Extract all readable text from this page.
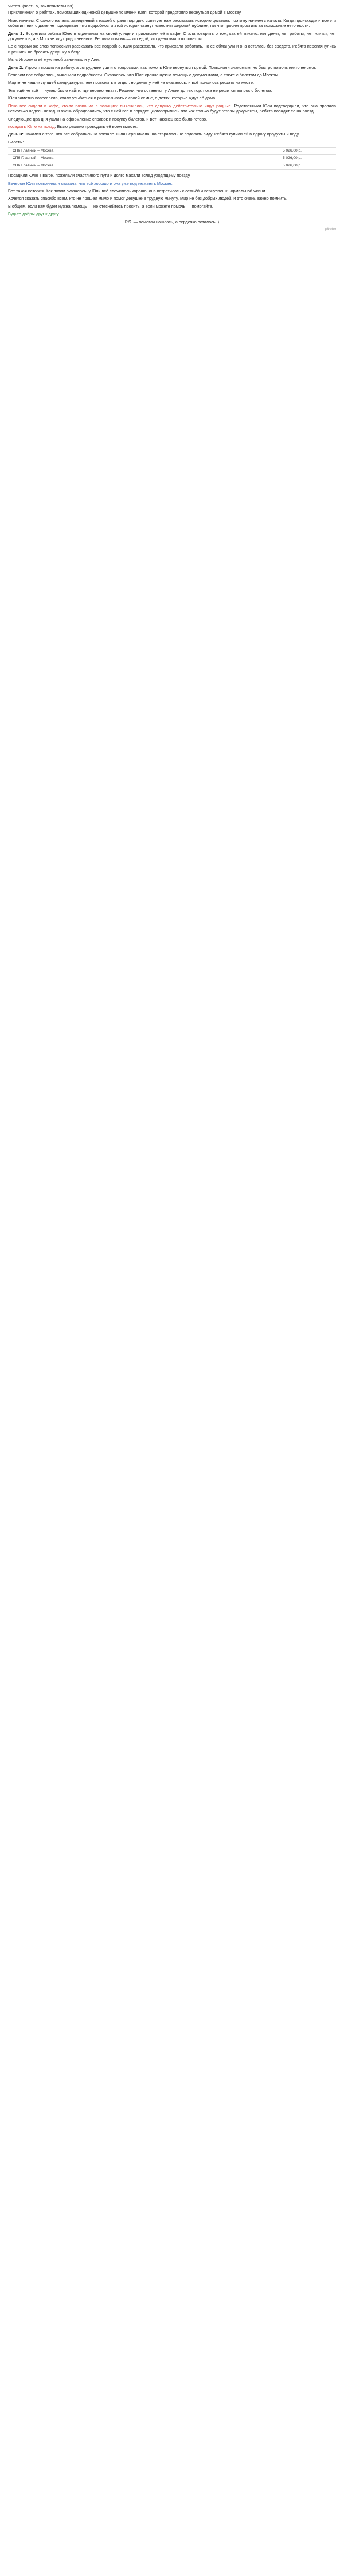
Читать (часть 5, заключительная)

Приключения о ребятах, помогавших одинокой девушке по имени Юля, которой предстояло вернуться домой в Москву.

Итак, начнем. С самого начала, заведенный в нашей стране порядок, советует нам рассказать историю целиком, поэтому начнем с начала. Когда происходили все эти события, никто даже не подозревал, что подробности этой истории станут известны широкой публике, так что просим простить за возможные неточности.

День 1: Встретили ребята Юлю в отделении на своей улице и пригласили её в кафе. Стала говорить о том, как ей тяжело: нет денег, нет работы, нет жилья, нет документов, а в Москве ждут родственники. Решили помочь — кто едой, кто деньгами, кто советом.

Её с первых же слов попросили рассказать всё подробно. Юля рассказала, что приехала работать, но её обманули и она осталась без средств. Ребята переглянулись и решили не бросать девушку в беде.

Мы с Игорем и её мужчиной заночевали у Ани.

День 2: Утром я пошла на работу, а сотрудники ушли с вопросами, как помочь Юле вернуться домой. Позвонили знакомым, но быстро помочь никто не смог.

Вечером все собрались, выяснили подробности. Оказалось, что Юле срочно нужна помощь с документами, а также с билетом до Москвы.

Марте не нашли лучшей кандидатуры, чем позвонить в отдел, но денег у неё не оказалось, и всё пришлось решать на месте.

Это ещё не всё — нужно было найти, где переночевать. Решили, что останется у Аньки до тех пор, пока не решится вопрос с билетом.

Юля заметно повеселела, стала улыбаться и рассказывать о своей семье, о детях, которые ждут её дома.

Пока все сидели в кафе, кто-то позвонил в полицию: выяснилось, что девушку действительно ищут родные. Родственники Юли подтвердили, что она пропала несколько недель назад, и очень обрадовались, что с ней всё в порядке. Договорились, что как только будут готовы документы, ребята посадят её на поезд.

Следующие два дня ушли на оформление справок и покупку билетов, и вот наконец всё было готово.

посадить Юлю на поезд. Было решено проводить её всем вместе.

День 3: Начался с того, что все собрались на вокзале. Юля нервничала, но старалась не подавать виду. Ребята купили ей в дорогу продукты и воду.

Билеты:

СПб Главный – Москва	5 026,00 р.
СПб Главный – Москва	5 026,00 р.
СПб Главный – Москва	5 026,00 р.

Посадили Юлю в вагон, пожелали счастливого пути и долго махали вслед уходящему поезду.

Вечером Юля позвонила и сказала, что всё хорошо и она уже подъезжает к Москве.

Вот такая история. Как потом оказалось, у Юли всё сложилось хорошо: она встретилась с семьёй и вернулась к нормальной жизни.

Хочется сказать спасибо всем, кто не прошёл мимо и помог девушке в трудную минуту. Мир не без добрых людей, и это очень важно помнить.

В общем, если вам будет нужна помощь — не стесняйтесь просить, а если можете помочь — помогайте.

Будьте добры друг к другу.

P.S. — помогли нашлась, а сердечко осталось :)

pikabu
